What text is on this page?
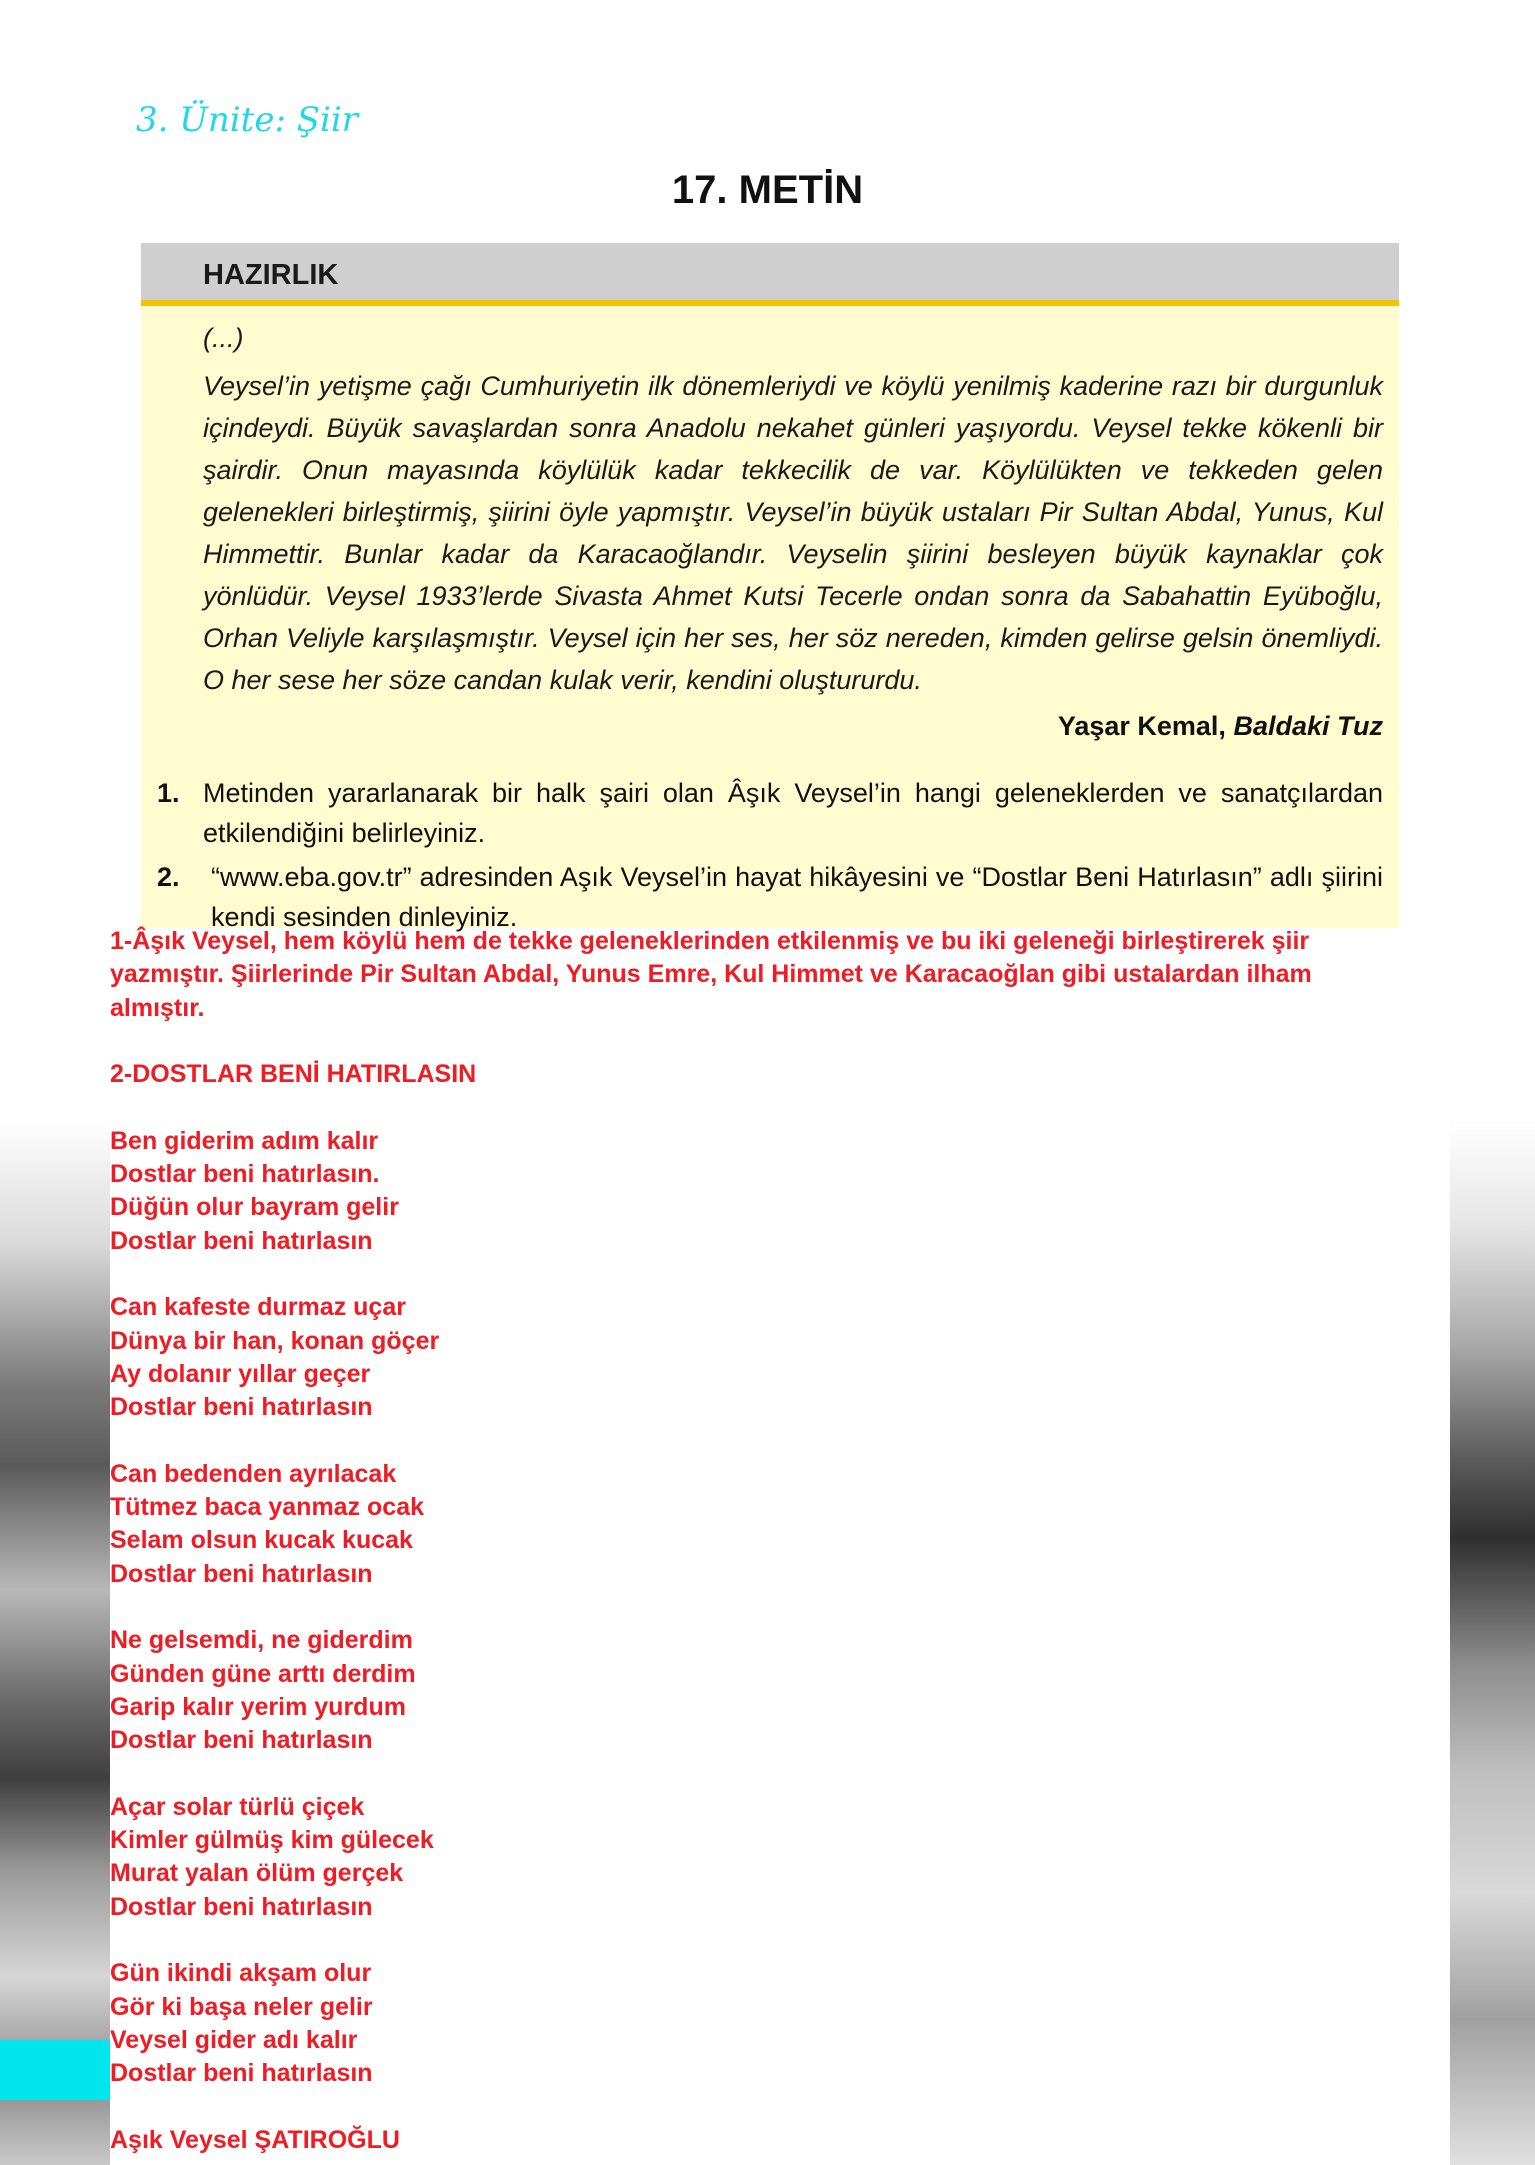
3. Ünite: Şiir
17. METİN
HAZIRLIK
(...)
Veysel’in yetişme çağı Cumhuriyetin ilk dönemleriydi ve köylü yenilmiş kaderine razı bir durgunluk içindeydi. Büyük savaşlardan sonra Anadolu nekahet günleri yaşıyordu. Veysel tekke kökenli bir şairdir. Onun mayasında köylülük kadar tekkecilik de var. Köylülükten ve tekkeden gelen gelenekleri birleştirmiş, şiirini öyle yapmıştır. Veysel’in büyük ustaları Pir Sultan Abdal, Yunus, Kul Himmettir. Bunlar kadar da Karacaoğlandır. Veyselin şiirini besleyen büyük kaynaklar çok yönlüdür. Veysel 1933’lerde Sivasta Ahmet Kutsi Tecerle ondan sonra da Sabahattin Eyüboğlu, Orhan Veliyle karşılaşmıştır. Veysel için her ses, her söz nereden, kimden gelirse gelsin önemliydi. O her sese her söze candan kulak verir, kendini oluştururdu.
Yaşar Kemal, Baldaki Tuz
1. Metinden yararlanarak bir halk şairi olan Âşık Veysel’in hangi geleneklerden ve sanatçılardan etkilendiğini belirleyiniz.
2. “www.eba.gov.tr” adresinden Aşık Veysel’in hayat hikâyesini ve “Dostlar Beni Hatırlasın” adlı şiirini kendi sesinden dinleyiniz.

1-Âşık Veysel, hem köylü hem de tekke geleneklerinden etkilenmiş ve bu iki geleneği birleştirerek şiir yazmıştır. Şiirlerinde Pir Sultan Abdal, Yunus Emre, Kul Himmet ve Karacaoğlan gibi ustalardan ilham almıştır.

2-DOSTLAR BENİ HATIRLASIN

Ben giderim adım kalır

Dostlar beni hatırlasın.

Düğün olur bayram gelir

Dostlar beni hatırlasın

Can kafeste durmaz uçar

Dünya bir han, konan göçer

Ay dolanır yıllar geçer

Dostlar beni hatırlasın

Can bedenden ayrılacak

Tütmez baca yanmaz ocak

Selam olsun kucak kucak

Dostlar beni hatırlasın

Ne gelsemdi, ne giderdim

Günden güne arttı derdim

Garip kalır yerim yurdum

Dostlar beni hatırlasın

Açar solar türlü çiçek

Kimler gülmüş kim gülecek

Murat yalan ölüm gerçek

Dostlar beni hatırlasın

Gün ikindi akşam olur

Gör ki başa neler gelir

Veysel gider adı kalır

Dostlar beni hatırlasın

Aşık Veysel ŞATIROĞLU
